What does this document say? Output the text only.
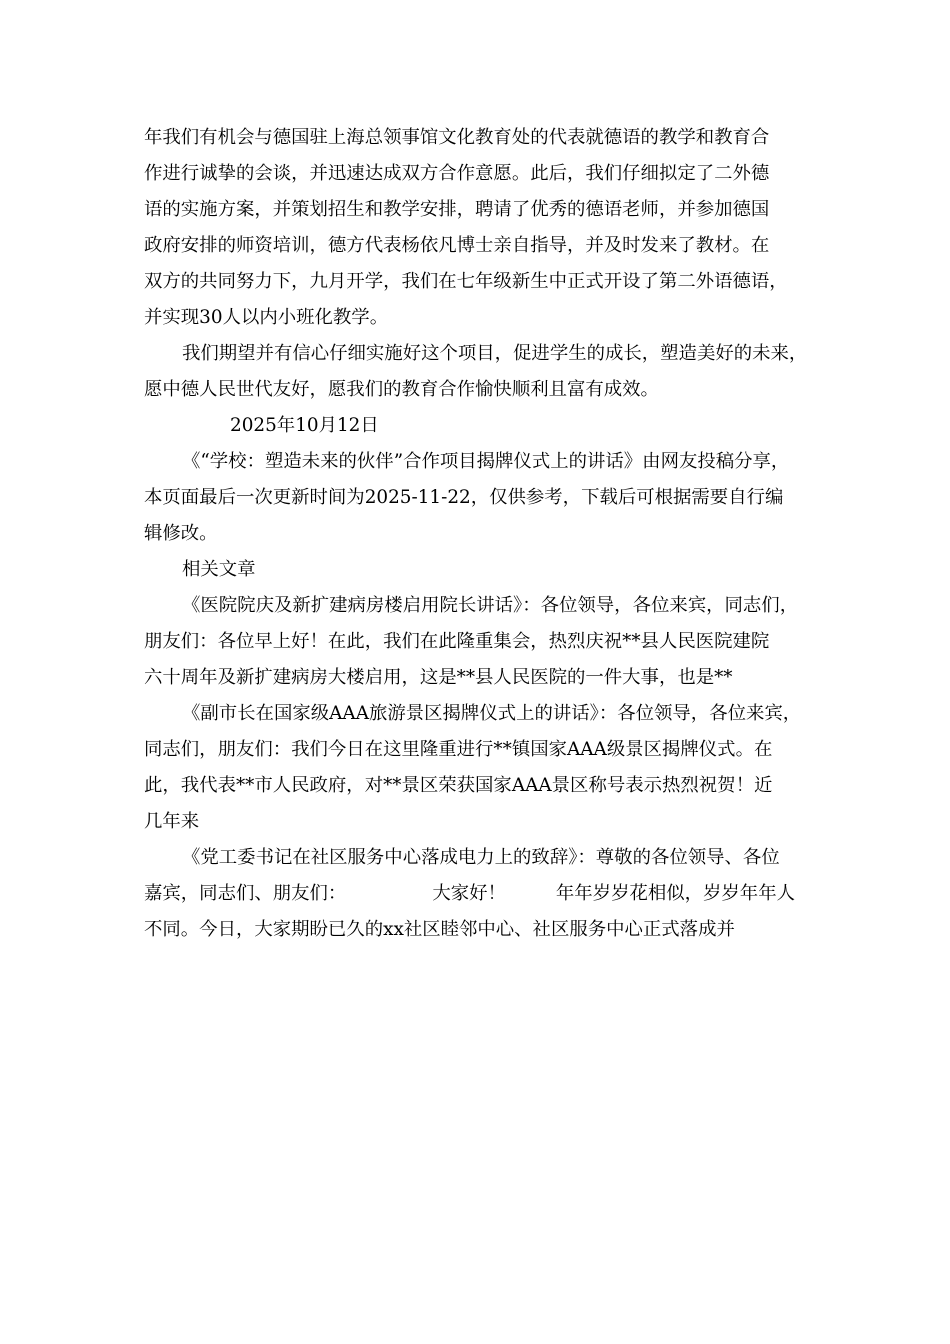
年我们有机会与德国驻上海总领事馆文化教育处的代表就德语的教学和教育合
作进行诚挚的会谈，并迅速达成双方合作意愿。此后，我们仔细拟定了二外德
语的实施方案，并策划招生和教学安排，聘请了优秀的德语老师，并参加德国
政府安排的师资培训，德方代表杨依凡博士亲自指导，并及时发来了教材。在
双方的共同努力下，九月开学，我们在七年级新生中正式开设了第二外语德语，
并实现30人以内小班化教学。
我们期望并有信心仔细实施好这个项目，促进学生的成长，塑造美好的未来，
愿中德人民世代友好，愿我们的教育合作愉快顺利且富有成效。
2025年10月12日
《“学校：塑造未来的伙伴”合作项目揭牌仪式上的讲话》由网友投稿分享，
本页面最后一次更新时间为2025-11-22，仅供参考，下载后可根据需要自行编
辑修改。
相关文章
《医院院庆及新扩建病房楼启用院长讲话》：各位领导，各位来宾，同志们，
朋友们：各位早上好！在此，我们在此隆重集会，热烈庆祝**县人民医院建院
六十周年及新扩建病房大楼启用，这是**县人民医院的一件大事，也是**
《副市长在国家级AAA旅游景区揭牌仪式上的讲话》：各位领导，各位来宾，
同志们，朋友们：我们今日在这里隆重进行**镇国家AAA级景区揭牌仪式。在
此，我代表**市人民政府，对**景区荣获国家AAA景区称号表示热烈祝贺！近
几年来
《党工委书记在社区服务中心落成电力上的致辞》：尊敬的各位领导、各位
嘉宾，同志们、朋友们：	大家好！	年年岁岁花相似，岁岁年年人
不同。今日，大家期盼已久的xx社区睦邻中心、社区服务中心正式落成并
